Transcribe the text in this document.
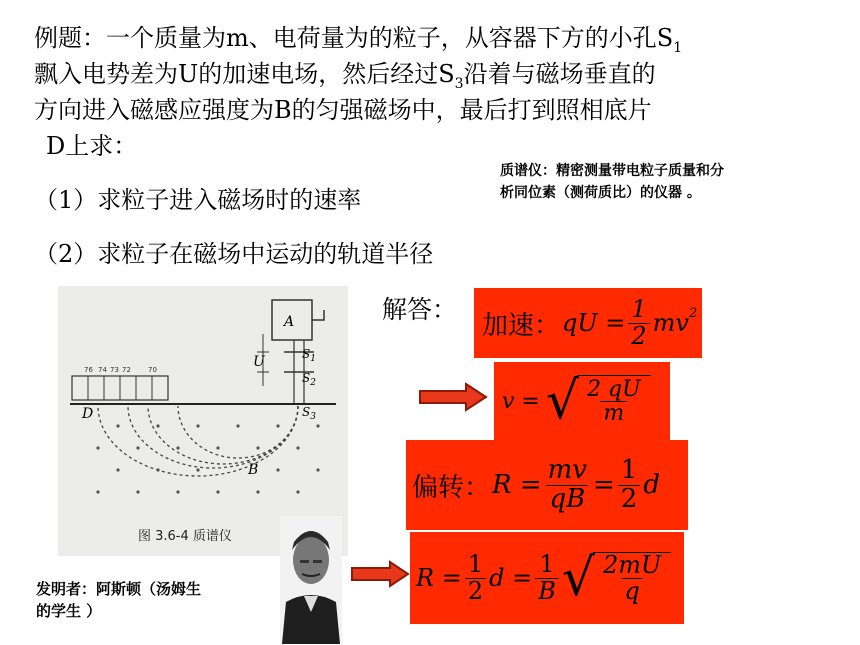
例题：一个质量为m、电荷量为的粒子，从容器下方的小孔$S_1$
飘入电势差为U的加速电场，然后经过$S_3$沿着与磁场垂直的
方向进入磁感应强度为B的匀强磁场中，最后打到照相底片
D上求：
（1）求粒子进入磁场时的速率
（2）求粒子在磁场中运动的轨道半径
质谱仪：精密测量带电粒子质量和分
析同位素（测荷质比）的仪器 。
解答：
A
U	$S_1$
$S_2$
$S_3$
76 74 73 72 70
D
B
图 3.6-4 质谱仪
发明者：阿斯顿（汤姆生
的学生 ）
加速： qU = $\frac{1}{2} mv^2$
v = √ $\frac{2 qU}{m}$
偏转： $R = \frac{mv}{qB} = \frac{1}{2}$ d
$R = \frac{1}{2}$ $d = \frac{1}{B}$ √ $\frac{2mU}{q}$
